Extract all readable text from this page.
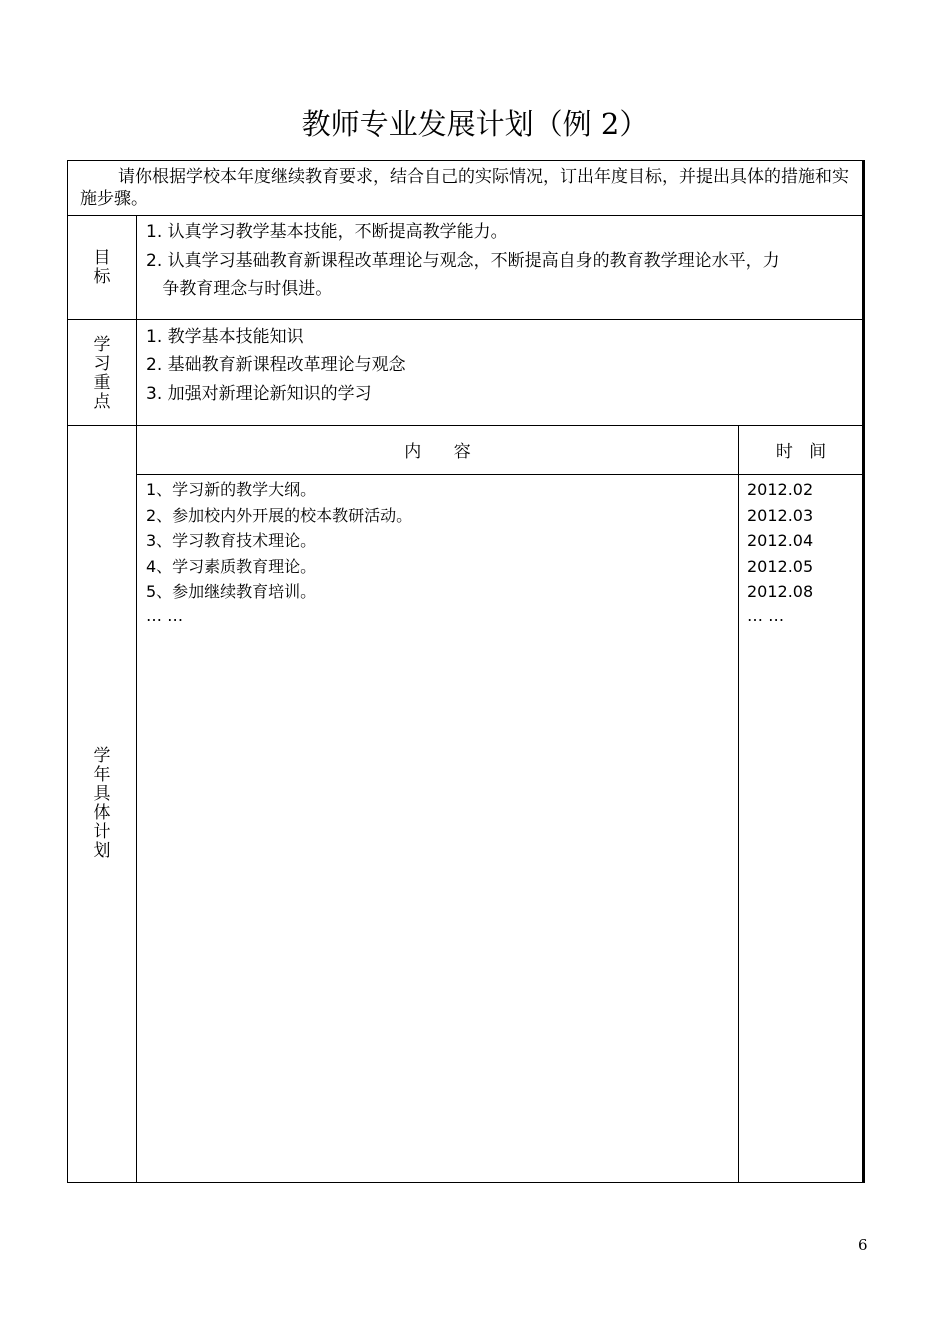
教师专业发展计划（例 2）
请你根据学校本年度继续教育要求，结合自己的实际情况，订出年度目标，并提出具体的措施和实施步骤。
目
标
1. 认真学习教学基本技能，不断提高教学能力。
2. 认真学习基础教育新课程改革理论与观念，不断提高自身的教育教学理论水平，力
争教育理念与时俱进。
学
习
重
点
1. 教学基本技能知识
2. 基础教育新课程改革理论与观念
3. 加强对新理论新知识的学习
学
年
具
体
计
划
内      容	时   间
1、学习新的教学大纲。
2、参加校内外开展的校本教研活动。
3、学习教育技术理论。
4、学习素质教育理论。
5、参加继续教育培训。
… …
2012.02
2012.03
2012.04
2012.05
2012.08
… …
6
